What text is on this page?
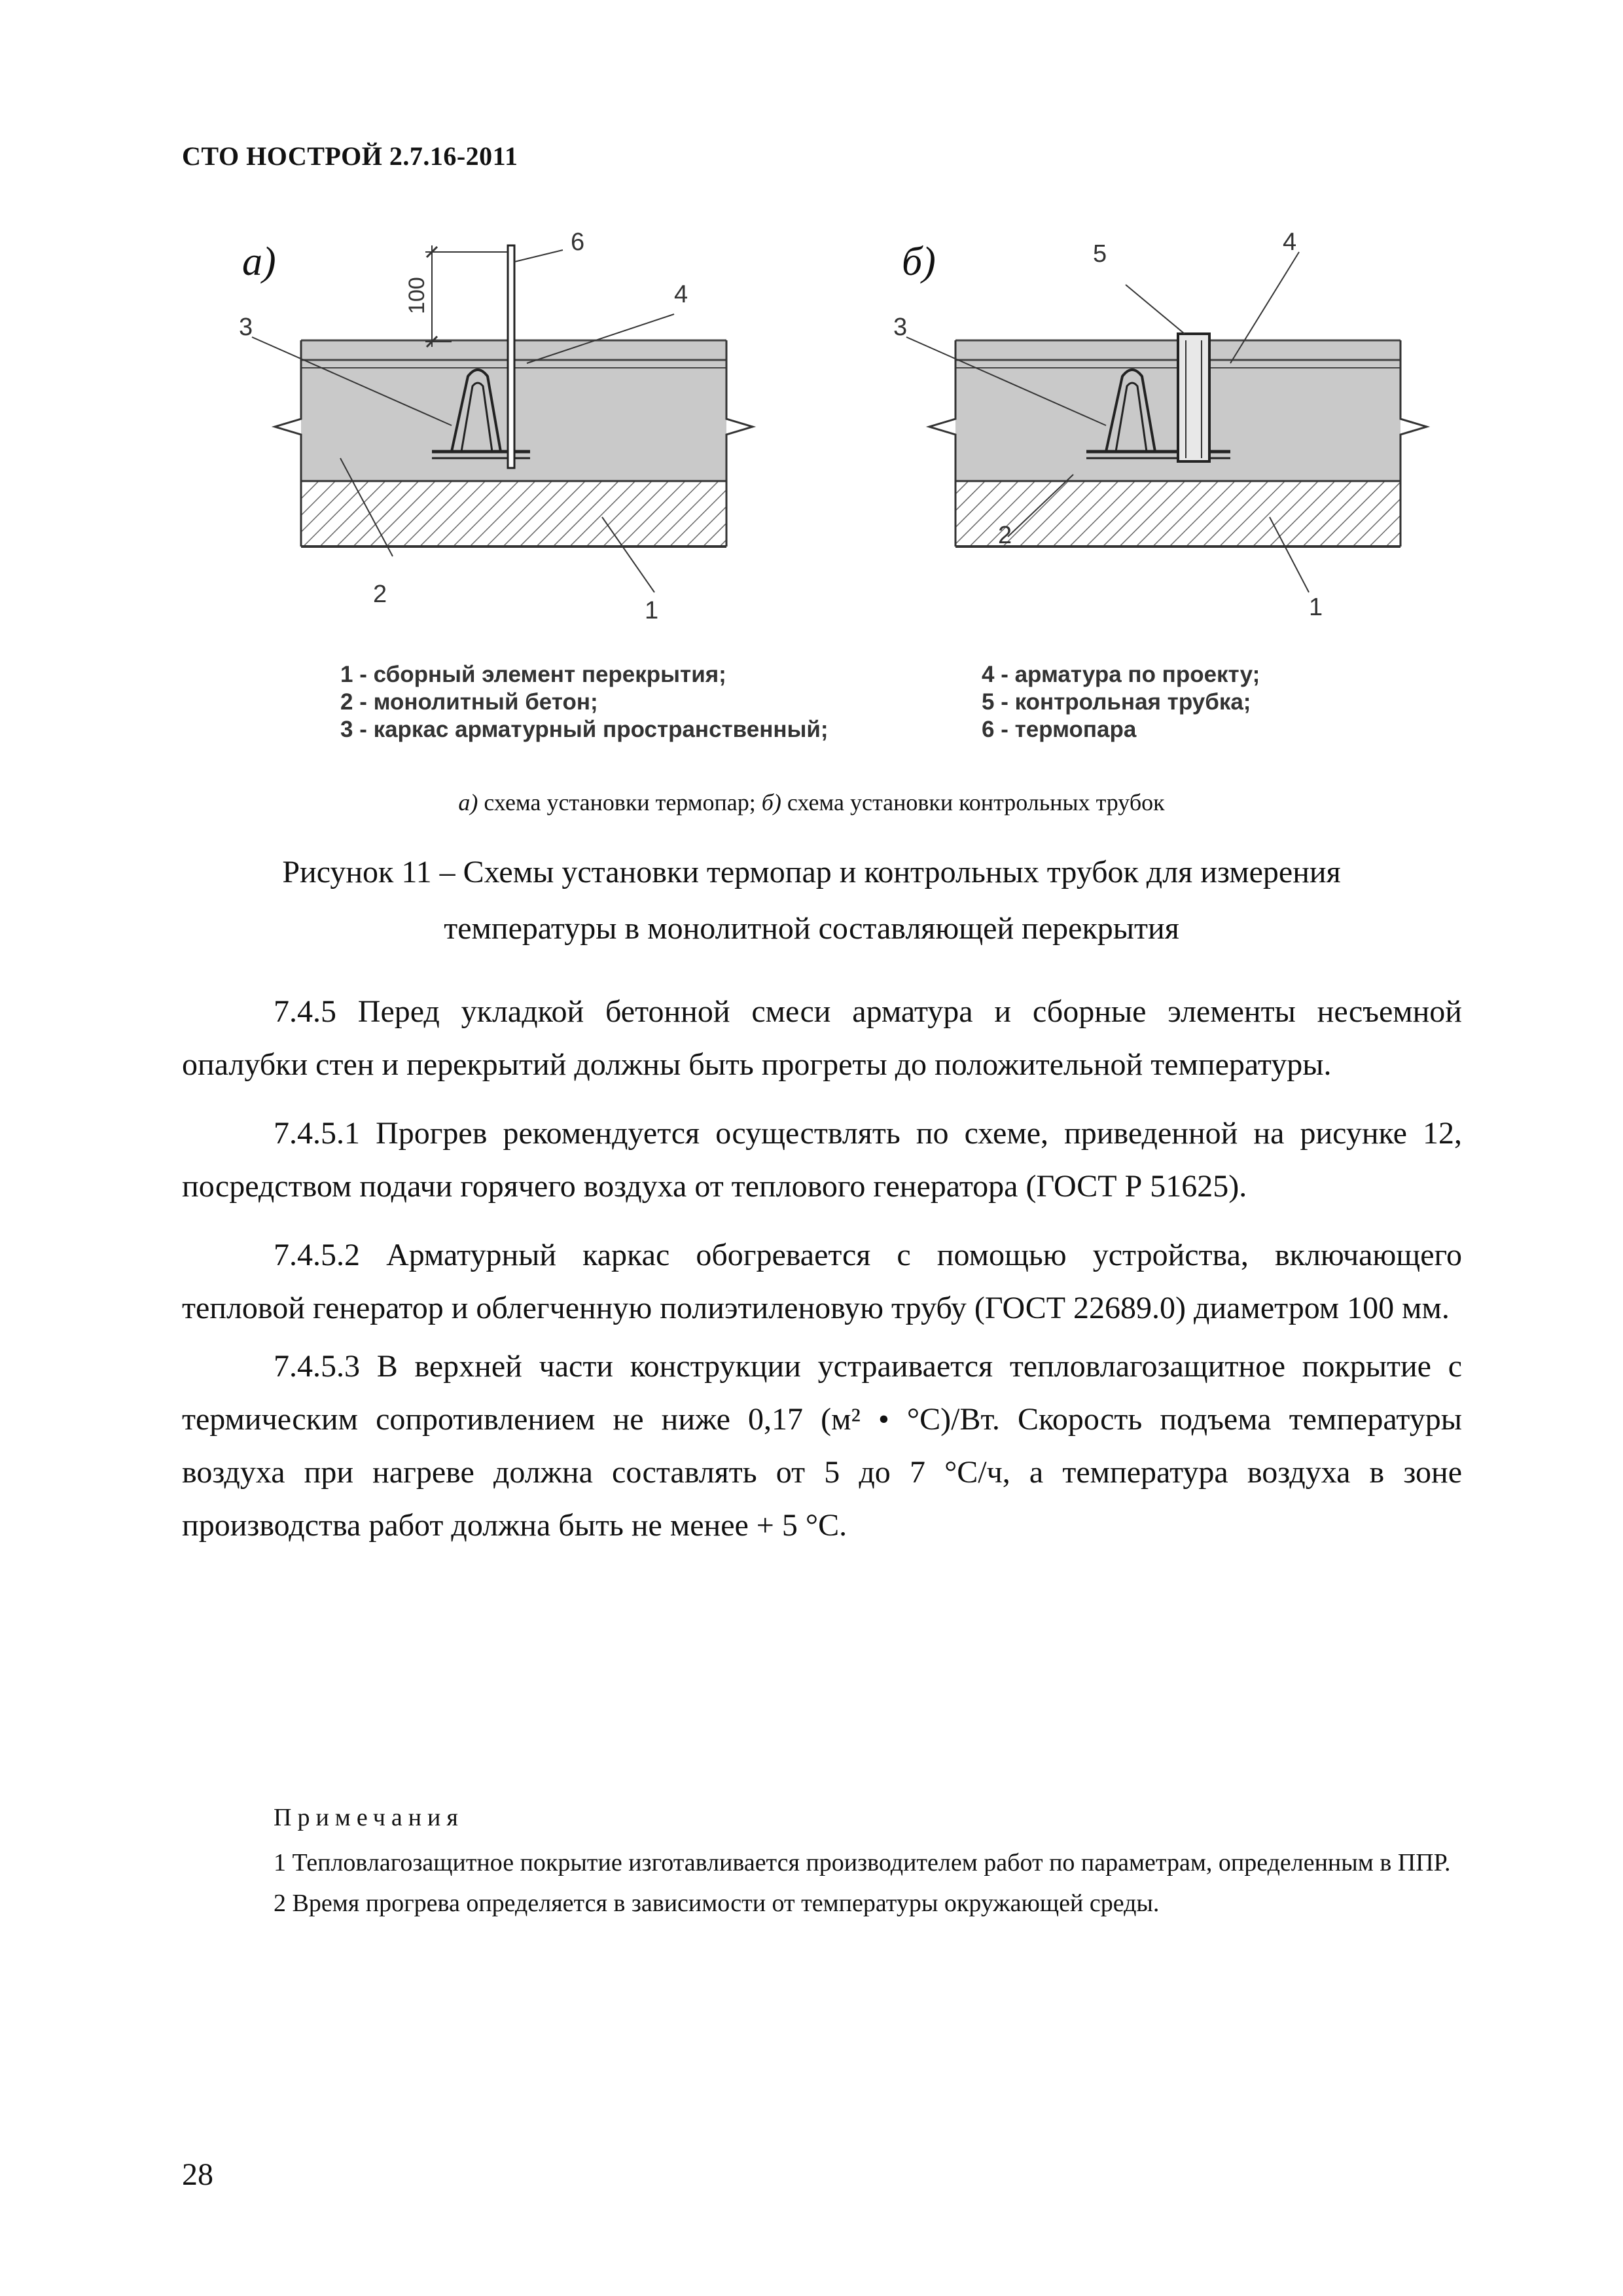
СТО НОСТРОЙ 2.7.16-2011
а)
100
6
4
3
2
1
б)	5	4
3
2
1
1 - сборный элемент перекрытия;
2 - монолитный бетон;
3 - каркас арматурный пространственный;
4 - арматура по проекту;
5 - контрольная трубка;
6 - термопара
а) схема установки термопар; б) схема установки контрольных трубок
Рисунок 11 – Схемы установки термопар и контрольных трубок для измерения
температуры в монолитной составляющей перекрытия

7.4.5 Перед укладкой бетонной смеси арматура и сборные элементы несъемной опалубки стен и перекрытий должны быть прогреты до положительной температуры.

7.4.5.1 Прогрев рекомендуется осуществлять по схеме, приведенной на рисунке 12, посредством подачи горячего воздуха от теплового генератора (ГОСТ Р 51625).

7.4.5.2 Арматурный каркас обогревается с помощью устройства, включающего тепловой генератор и облегченную полиэтиленовую трубу (ГОСТ 22689.0) диаметром 100 мм.

7.4.5.3 В верхней части конструкции устраивается тепловлагозащитное покрытие с термическим сопротивлением не ниже 0,17 (м² • °С)/Вт. Скорость подъема температуры воздуха при нагреве должна составлять от 5 до 7 °С/ч, а температура воздуха в зоне производства работ должна быть не менее + 5 °С.

Примечания

1 Тепловлагозащитное покрытие изготавливается производителем работ по параметрам, определенным в ППР.

2 Время прогрева определяется в зависимости от температуры окружающей среды.

28
